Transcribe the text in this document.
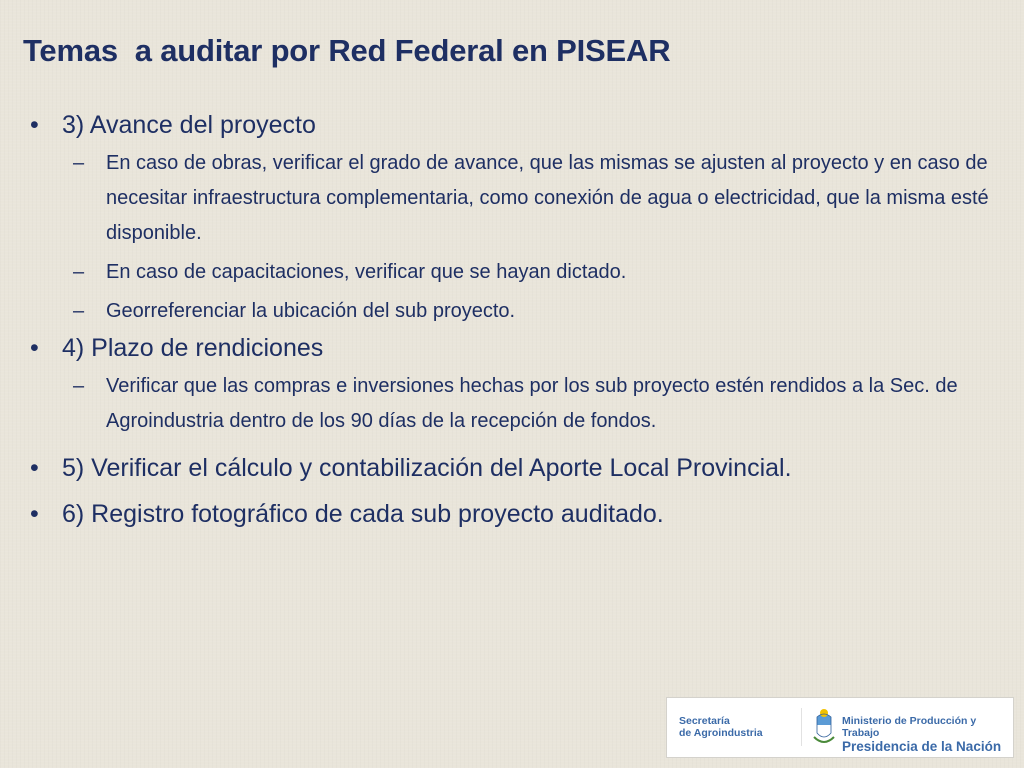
Temas  a auditar por Red Federal en PISEAR
• 3) Avance del proyecto
– En caso de obras, verificar el grado de avance, que las mismas se ajusten al proyecto y en caso de necesitar infraestructura complementaria, como conexión de agua o electricidad, que la misma esté disponible.
– En caso de capacitaciones, verificar que se hayan dictado.
– Georreferenciar la ubicación del sub proyecto.
• 4) Plazo de rendiciones
– Verificar que las compras e inversiones hechas por los sub proyecto estén rendidos a la Sec. de Agroindustria dentro de los 90 días de la recepción de fondos.
• 5) Verificar el cálculo y contabilización del Aporte Local Provincial.
• 6) Registro fotográfico de cada sub proyecto auditado.
Secretaría
de Agroindustria
Ministerio de Producción y Trabajo
Presidencia de la Nación
